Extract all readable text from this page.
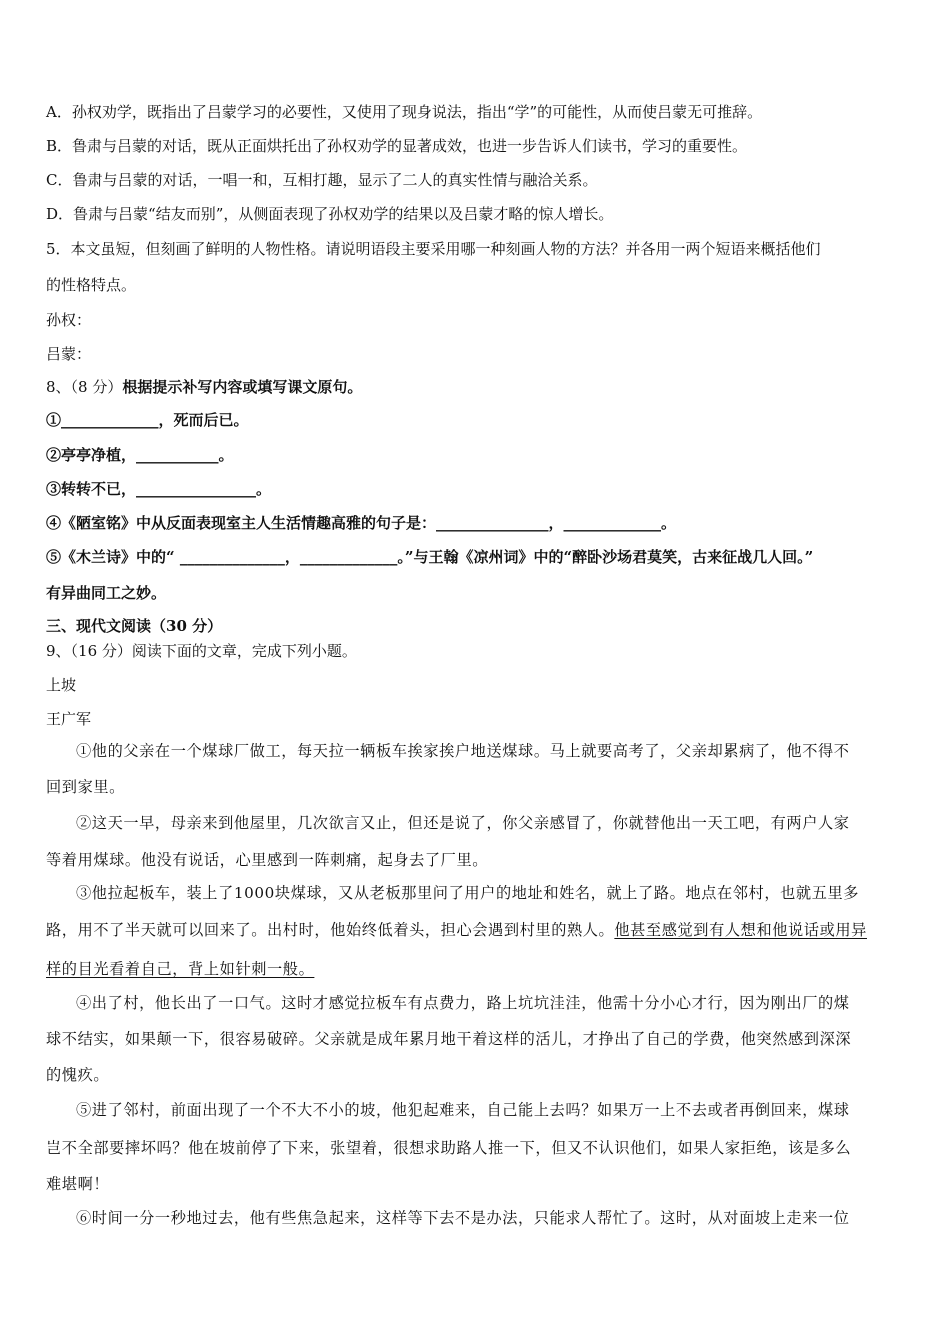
A．孙权劝学，既指出了吕蒙学习的必要性，又使用了现身说法，指出“学”的可能性，从而使吕蒙无可推辞。
B．鲁肃与吕蒙的对话，既从正面烘托出了孙权劝学的显著成效，也进一步告诉人们读书，学习的重要性。
C．鲁肃与吕蒙的对话，一唱一和，互相打趣，显示了二人的真实性情与融洽关系。
D．鲁肃与吕蒙“结友而别”，从侧面表现了孙权劝学的结果以及吕蒙才略的惊人增长。
5．本文虽短，但刻画了鲜明的人物性格。请说明语段主要采用哪一种刻画人物的方法？并各用一两个短语来概括他们
的性格特点。
孙权：
吕蒙：
8、（8 分）根据提示补写内容或填写课文原句。
①_____________，死而后已。
②亭亭净植，___________。
③转转不已，________________。
④《陋室铭》中从反面表现室主人生活情趣高雅的句子是：_______________，_____________。
⑤《木兰诗》中的“ ______________，_____________。”与王翰《凉州词》中的“醉卧沙场君莫笑，古来征战几人回。”
有异曲同工之妙。
三、现代文阅读（30 分）
9、（16 分）阅读下面的文章，完成下列小题。
上坡
王广军
①他的父亲在一个煤球厂做工，每天拉一辆板车挨家挨户地送煤球。马上就要高考了，父亲却累病了，他不得不
回到家里。
②这天一早，母亲来到他屋里，几次欲言又止，但还是说了，你父亲感冒了，你就替他出一天工吧，有两户人家
等着用煤球。他没有说话，心里感到一阵刺痛，起身去了厂里。
③他拉起板车，装上了1000块煤球，又从老板那里问了用户的地址和姓名，就上了路。地点在邻村，也就五里多
路，用不了半天就可以回来了。出村时，他始终低着头，担心会遇到村里的熟人。他甚至感觉到有人想和他说话或用异
样的目光看着自己，背上如针刺一般。
④出了村，他长出了一口气。这时才感觉拉板车有点费力，路上坑坑洼洼，他需十分小心才行，因为刚出厂的煤
球不结实，如果颠一下，很容易破碎。父亲就是成年累月地干着这样的活儿，才挣出了自己的学费，他突然感到深深
的愧疚。
⑤进了邻村，前面出现了一个不大不小的坡，他犯起难来，自己能上去吗？如果万一上不去或者再倒回来，煤球
岂不全部要摔坏吗？他在坡前停了下来，张望着，很想求助路人推一下，但又不认识他们，如果人家拒绝，该是多么
难堪啊！
⑥时间一分一秒地过去，他有些焦急起来，这样等下去不是办法，只能求人帮忙了。这时，从对面坡上走来一位
